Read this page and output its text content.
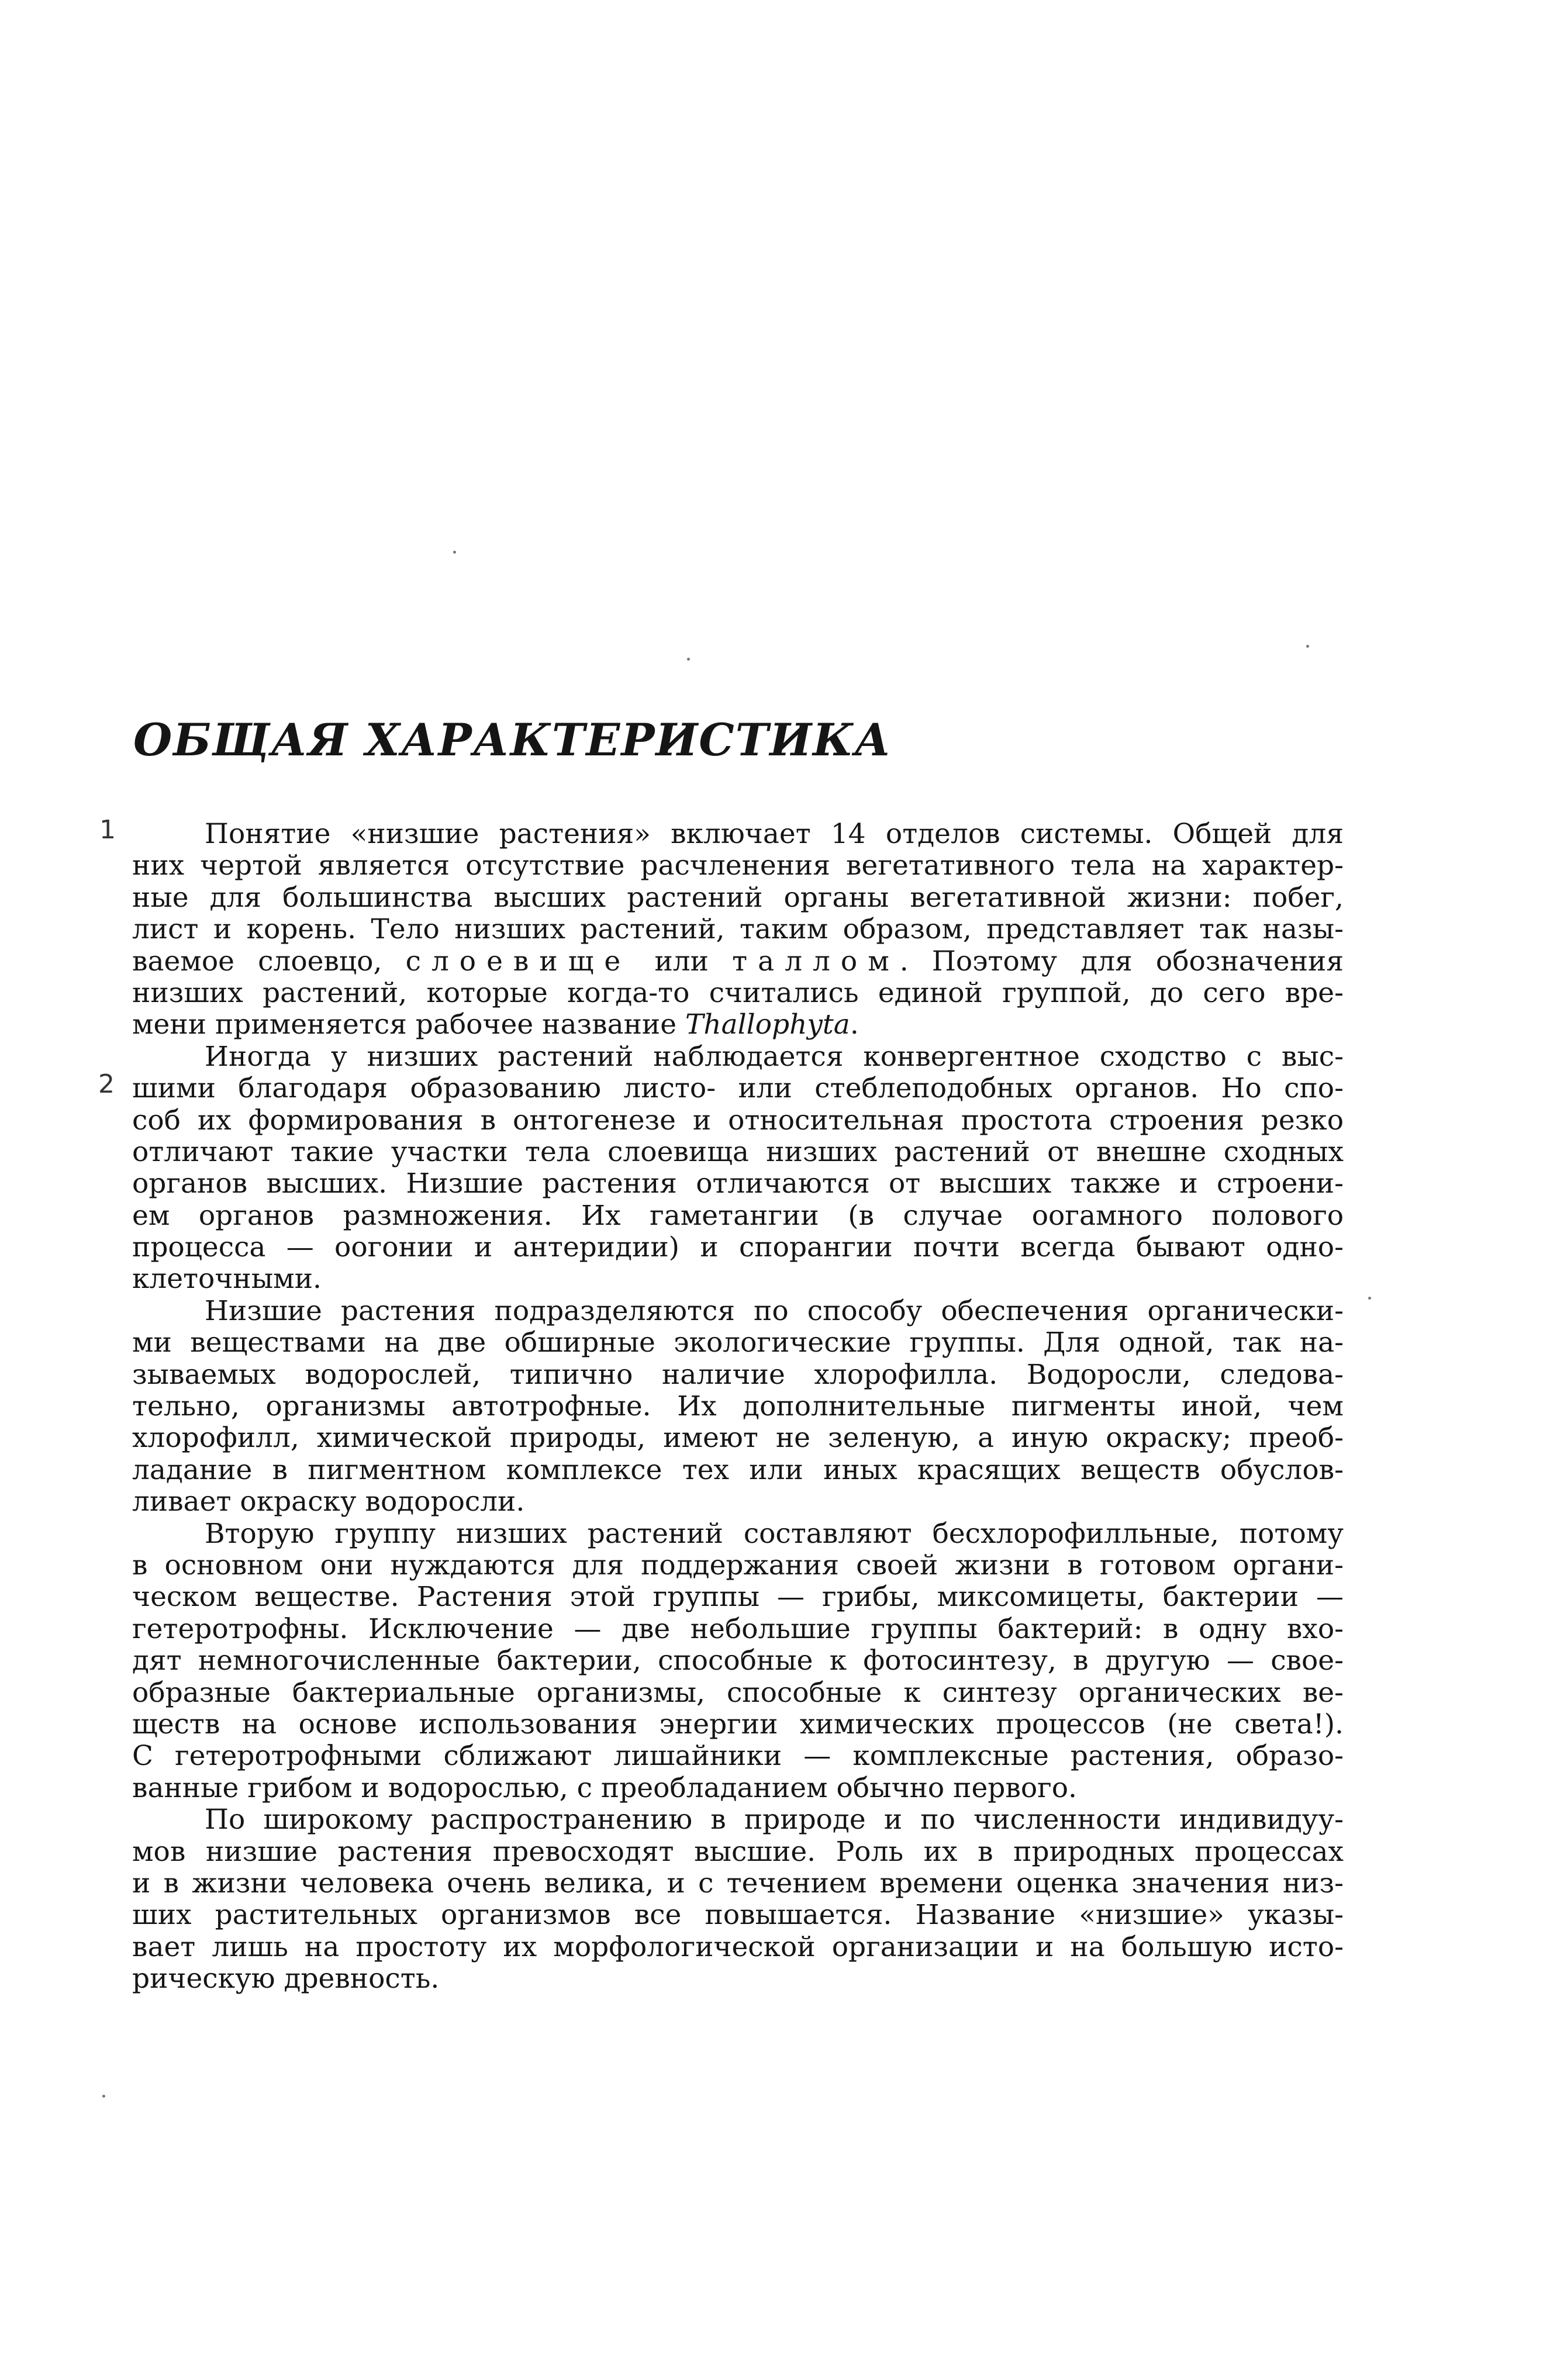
ОБЩАЯ ХАРАКТЕРИСТИКА
1
2
Понятие «низшие растения» включает 14 отделов системы. Общей для
них чертой является отсутствие расчленения вегетативного тела на характер-
ные для большинства высших растений органы вегетативной жизни: побег,
лист и корень. Тело низших растений, таким образом, представляет так назы-
ваемое слоевцо, слоевище или таллом. Поэтому для обозначения
низших растений, которые когда-то считались единой группой, до сего вре-
мени применяется рабочее название Thallophyta.
Иногда у низших растений наблюдается конвергентное сходство с выс-
шими благодаря образованию листо- или стеблеподобных органов. Но спо-
соб их формирования в онтогенезе и относительная простота строения резко
отличают такие участки тела слоевища низших растений от внешне сходных
органов высших. Низшие растения отличаются от высших также и строени-
ем органов размножения. Их гаметангии (в случае оогамного полового
процесса — оогонии и антеридии) и спорангии почти всегда бывают одно-
клеточными.
Низшие растения подразделяются по способу обеспечения органически-
ми веществами на две обширные экологические группы. Для одной, так на-
зываемых водорослей, типично наличие хлорофилла. Водоросли, следова-
тельно, организмы автотрофные. Их дополнительные пигменты иной, чем
хлорофилл, химической природы, имеют не зеленую, а иную окраску; преоб-
ладание в пигментном комплексе тех или иных красящих веществ обуслов-
ливает окраску водоросли.
Вторую группу низших растений составляют бесхлорофилльные, потому
в основном они нуждаются для поддержания своей жизни в готовом органи-
ческом веществе. Растения этой группы — грибы, миксомицеты, бактерии —
гетеротрофны. Исключение — две небольшие группы бактерий: в одну вхо-
дят немногочисленные бактерии, способные к фотосинтезу, в другую — свое-
образные бактериальные организмы, способные к синтезу органических ве-
ществ на основе использования энергии химических процессов (не света!).
С гетеротрофными сближают лишайники — комплексные растения, образо-
ванные грибом и водорослью, с преобладанием обычно первого.
По широкому распространению в природе и по численности индивидуу-
мов низшие растения превосходят высшие. Роль их в природных процессах
и в жизни человека очень велика, и с течением времени оценка значения низ-
ших растительных организмов все повышается. Название «низшие» указы-
вает лишь на простоту их морфологической организации и на большую исто-
рическую древность.
